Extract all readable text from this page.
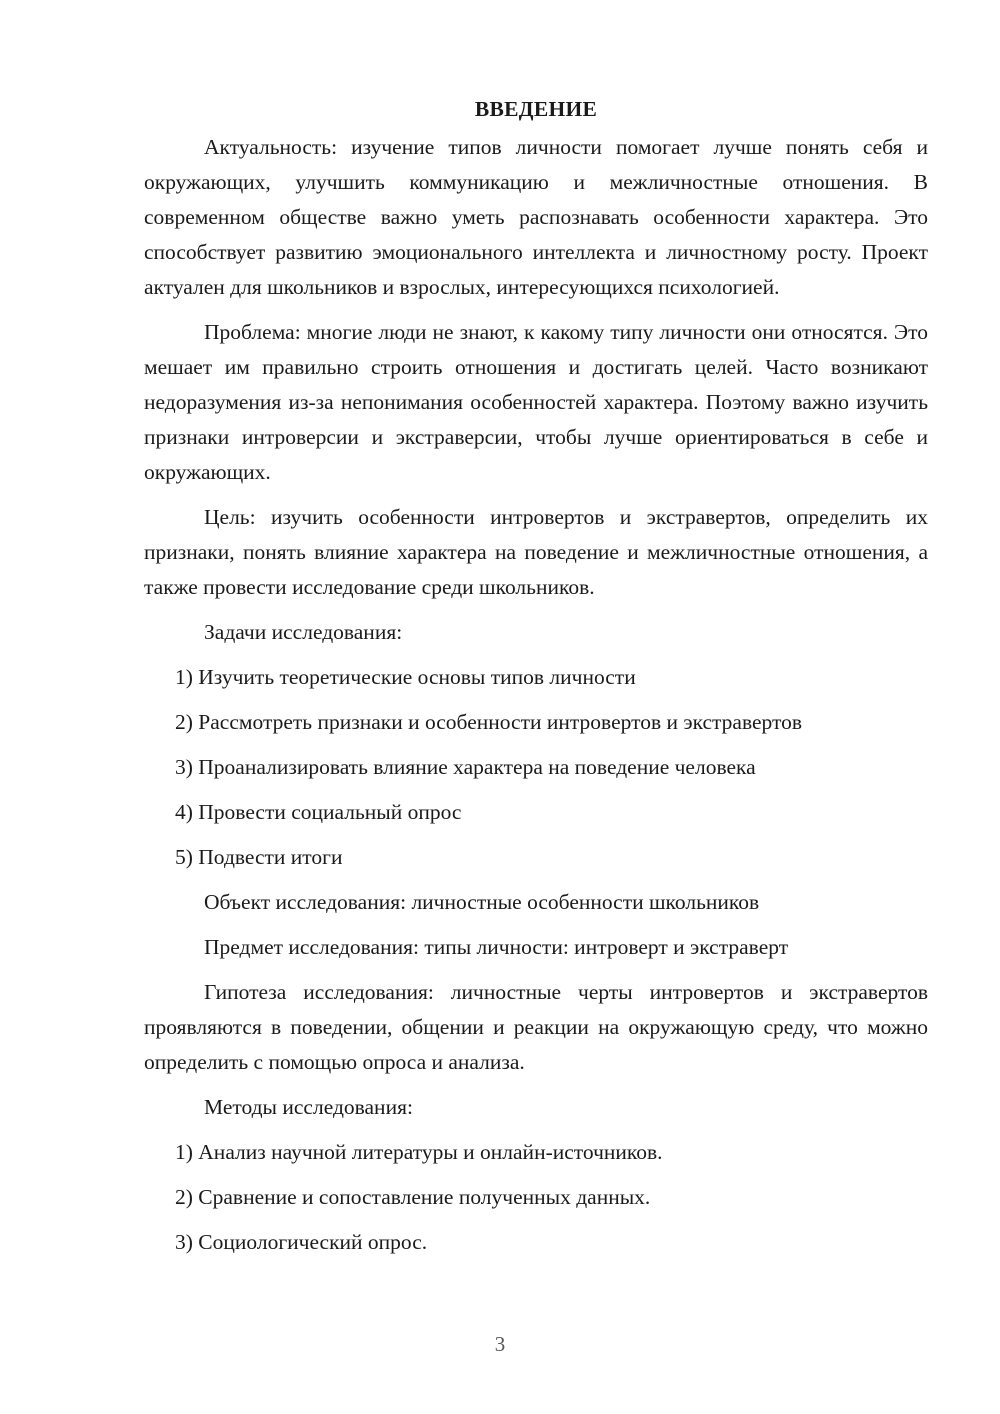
ВВЕДЕНИЕ

Актуальность: изучение типов личности помогает лучше понять себя и окружающих, улучшить коммуникацию и межличностные отношения. В современном обществе важно уметь распознавать особенности характера. Это способствует развитию эмоционального интеллекта и личностному росту. Проект актуален для школьников и взрослых, интересующихся психологией.

Проблема: многие люди не знают, к какому типу личности они относятся. Это мешает им правильно строить отношения и достигать целей. Часто возникают недоразумения из-за непонимания особенностей характера. Поэтому важно изучить признаки интроверсии и экстраверсии, чтобы лучше ориентироваться в себе и окружающих.

Цель: изучить особенности интровертов и экстравертов, определить их признаки, понять влияние характера на поведение и межличностные отношения, а также провести исследование среди школьников.

Задачи исследования:
1) Изучить теоретические основы типов личности
2) Рассмотреть признаки и особенности интровертов и экстравертов
3) Проанализировать влияние характера на поведение человека
4) Провести социальный опрос
5) Подвести итоги
Объект исследования: личностные особенности школьников
Предмет исследования: типы личности: интроверт и экстраверт

Гипотеза исследования: личностные черты интровертов и экстравертов проявляются в поведении, общении и реакции на окружающую среду, что можно определить с помощью опроса и анализа.

Методы исследования:
1) Анализ научной литературы и онлайн-источников.
2) Сравнение и сопоставление полученных данных.
3) Социологический опрос.
3
